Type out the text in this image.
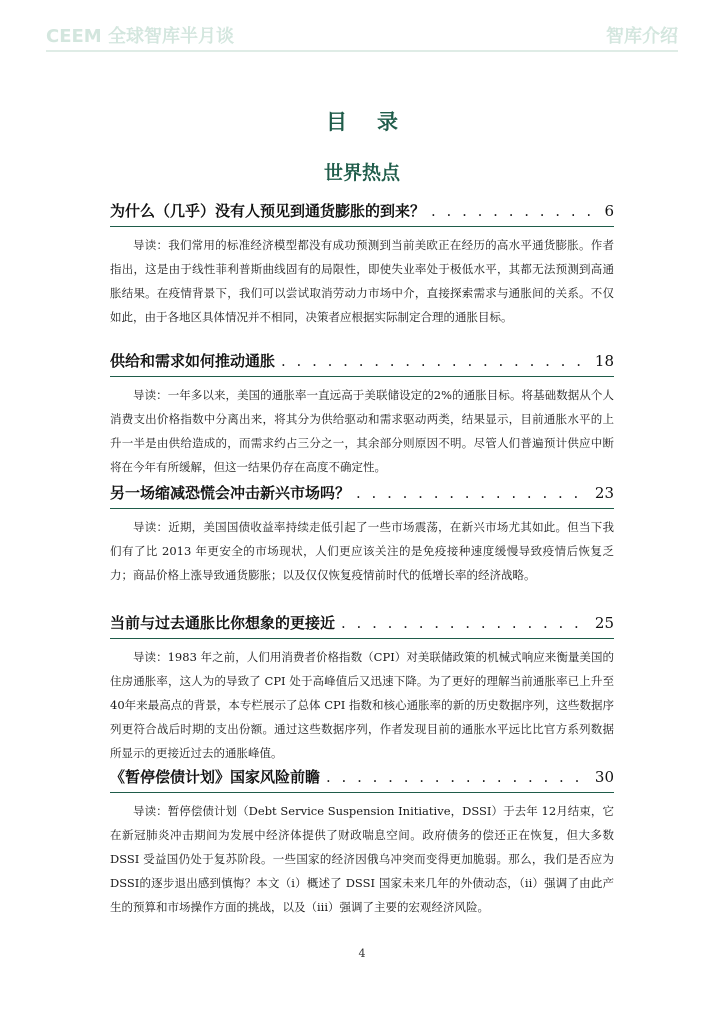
CEEM 全球智库半月谈	智库介绍
目录
世界热点
为什么（几乎）没有人预见到通货膨胀的到来？ . . .	6
导读：我们常用的标准经济模型都没有成功预测到当前美欧正在经历的高水平通货膨胀。作者指出，这是由于线性菲利普斯曲线固有的局限性，即使失业率处于极低水平，其都无法预测到高通胀结果。在疫情背景下，我们可以尝试取消劳动力市场中介，直接探索需求与通胀间的关系。不仅如此，由于各地区具体情况并不相同，决策者应根据实际制定合理的通胀目标。
供给和需求如何推动通胀 . . .	18
导读：一年多以来，美国的通胀率一直远高于美联储设定的2%的通胀目标。将基础数据从个人消费支出价格指数中分离出来，将其分为供给驱动和需求驱动两类，结果显示，目前通胀水平的上升一半是由供给造成的，而需求约占三分之一，其余部分则原因不明。尽管人们普遍预计供应中断将在今年有所缓解，但这一结果仍存在高度不确定性。
另一场缩减恐慌会冲击新兴市场吗？ . . .	23
导读：近期，美国国债收益率持续走低引起了一些市场震荡，在新兴市场尤其如此。但当下我们有了比 2013 年更安全的市场现状，人们更应该关注的是免疫接种速度缓慢导致疫情后恢复乏力；商品价格上涨导致通货膨胀；以及仅仅恢复疫情前时代的低增长率的经济战略。
当前与过去通胀比你想象的更接近 . . .	25
导读：1983 年之前，人们用消费者价格指数（CPI）对美联储政策的机械式响应来衡量美国的住房通胀率，这人为的导致了 CPI 处于高峰值后又迅速下降。为了更好的理解当前通胀率已上升至 40年来最高点的背景，本专栏展示了总体 CPI 指数和核心通胀率的新的历史数据序列，这些数据序列更符合战后时期的支出份额。通过这些数据序列，作者发现目前的通胀水平远比比官方系列数据所显示的更接近过去的通胀峰值。
《暂停偿债计划》国家风险前瞻 . . .	30
导读：暂停偿债计划（Debt Service Suspension Initiative，DSSI）于去年 12月结束，它在新冠肺炎冲击期间为发展中经济体提供了财政喘息空间。政府债务的偿还正在恢复，但大多数 DSSI 受益国仍处于复苏阶段。一些国家的经济因俄乌冲突而变得更加脆弱。那么，我们是否应为 DSSI的逐步退出感到慎悔？本文（i）概述了 DSSI 国家未来几年的外债动态，（ii）强调了由此产生的预算和市场操作方面的挑战，以及（iii）强调了主要的宏观经济风险。
4
